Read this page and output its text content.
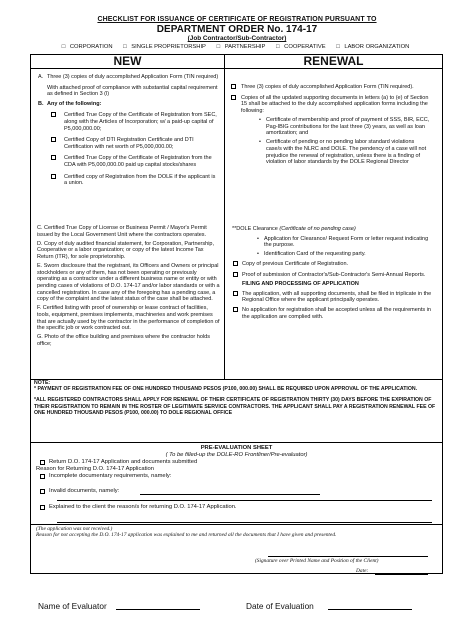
CHECKLIST FOR ISSUANCE OF CERTIFICATE OF REGISTRATION PURSUANT TO
DEPARTMENT ORDER No. 174-17
(Job Contractor/Sub-Contractor)
□ CORPORATION □ SINGLE PROPRIETORSHIP □ PARTNERSHIP □ COOPERATIVE □ LABOR ORGANIZATION
NEW	RENEWAL
A. Three (3) copies of duly accomplished Application Form (TIN required)
With attached proof of compliance with substantial capital requirement as defined in Section 3 (l)
B. Any of the following:
Certified True Copy of the Certificate of Registration from SEC, along with the Articles of Incorporation; w/ a paid-up capital of P5,000,000.00;
Certified Copy of DTI Registration Certificate and DTI Certification with net worth of P5,000,000.00;
Certified True Copy of the Certificate of Registration from the CDA with P5,000,000.00 paid up capital stocks/shares
Certified copy of Registration from the DOLE if the applicant is a union.
C. Certified True Copy of License or Business Permit / Mayor's Permit issued by the Local Government Unit where the contractors operates.
D. Copy of duly audited financial statement, for Corporation, Partnership, Cooperative or a labor organization; or copy of the latest Income Tax Return (ITR), for sole proprietorship.
E. Sworn disclosure that the registrant, its Officers and Owners or principal stockholders or any of them, has not been operating or previously operating as a contractor under a different business name or entity or with pending cases of violations of D.O. 174-17 and/or labor standards or with a cancelled registration. In case any of the foregoing has a pending case, a copy of the complaint and the latest status of the case shall be attached.
F. Certified listing with proof of ownership or lease contract of facilities, tools, equipment, premises implements, machineries and work premises that are actually used by the contractor in the performance of completion of the specific job or work contracted out.
G. Photo of the office building and premises where the contractor holds office;
Three (3) copies of duly accomplished Application Form (TIN required).
Copies of all the updated supporting documents in letters (a) to (e) of Section 15 shall be attached to the duly accomplished application forms including the following:
• Certificate of membership and proof of payment of SSS, BIR, ECC, Pag-IBIG contributions for the last three (3) years, as well as loan amortization; and
• Certificate of pending or no pending labor standard violations case/s with the NLRC and DOLE. The pendency of a case will not prejudice the renewal of registration, unless there is a finding of violation of labor standards by the DOLE Regional Director
**DOLE Clearance (Certificate of no pending case)
• Application for Clearance/ Request Form or letter request indicating the purpose.
• Identification Card of the requesting party.
Copy of previous Certificate of Registration.
Proof of submission of Contractor's/Sub-Contractor's Semi-Annual Reports.
FILING AND PROCESSING OF APPLICATION
The application, with all supporting documents, shall be filed in triplicate in the Regional Office where the applicant principally operates.
No application for registration shall be accepted unless all the requirements in the application are complied with.
NOTE:
* PAYMENT OF REGISTRATION FEE OF ONE HUNDRED THOUSAND PESOS (P100, 000.00) SHALL BE REQUIRED UPON APPROVAL OF THE APPLICATION.
*ALL REGISTERED CONTRACTORS SHALL APPLY FOR RENEWAL OF THEIR CERTIFICATE OF REGISTRATION THIRTY (30) DAYS BEFORE THE EXPIRATION OF THEIR REGISTRATION TO REMAIN IN THE ROSTER OF LEGITIMATE SERVICE CONTRACTORS. THE APPLICANT SHALL PAY A REGISTRATION RENEWAL FEE OF ONE HUNDRED THOUSAND PESOS (P100, 000.00) TO DOLE REGIONAL OFFICE
PRE-EVALUATION SHEET
( To be filled-up the DOLE-RO Frontliner/Pre-evaluator)
Return D.O. 174-17 Application and documents submitted
Reason for Returning D.O. 174-17 Application
Incomplete documentary requirements, namely:
Invalid documents, namely:
Explained to the client the reason/s for returning D.O. 174-17 Application.
(The application was not received.)
Reason for not accepting the D.O. 174-17 application was explained to me and returned all the documents that I have given and presented.
(Signature over Printed Name and Position of the Client)
Date:
Name of Evaluator	Date of Evaluation
